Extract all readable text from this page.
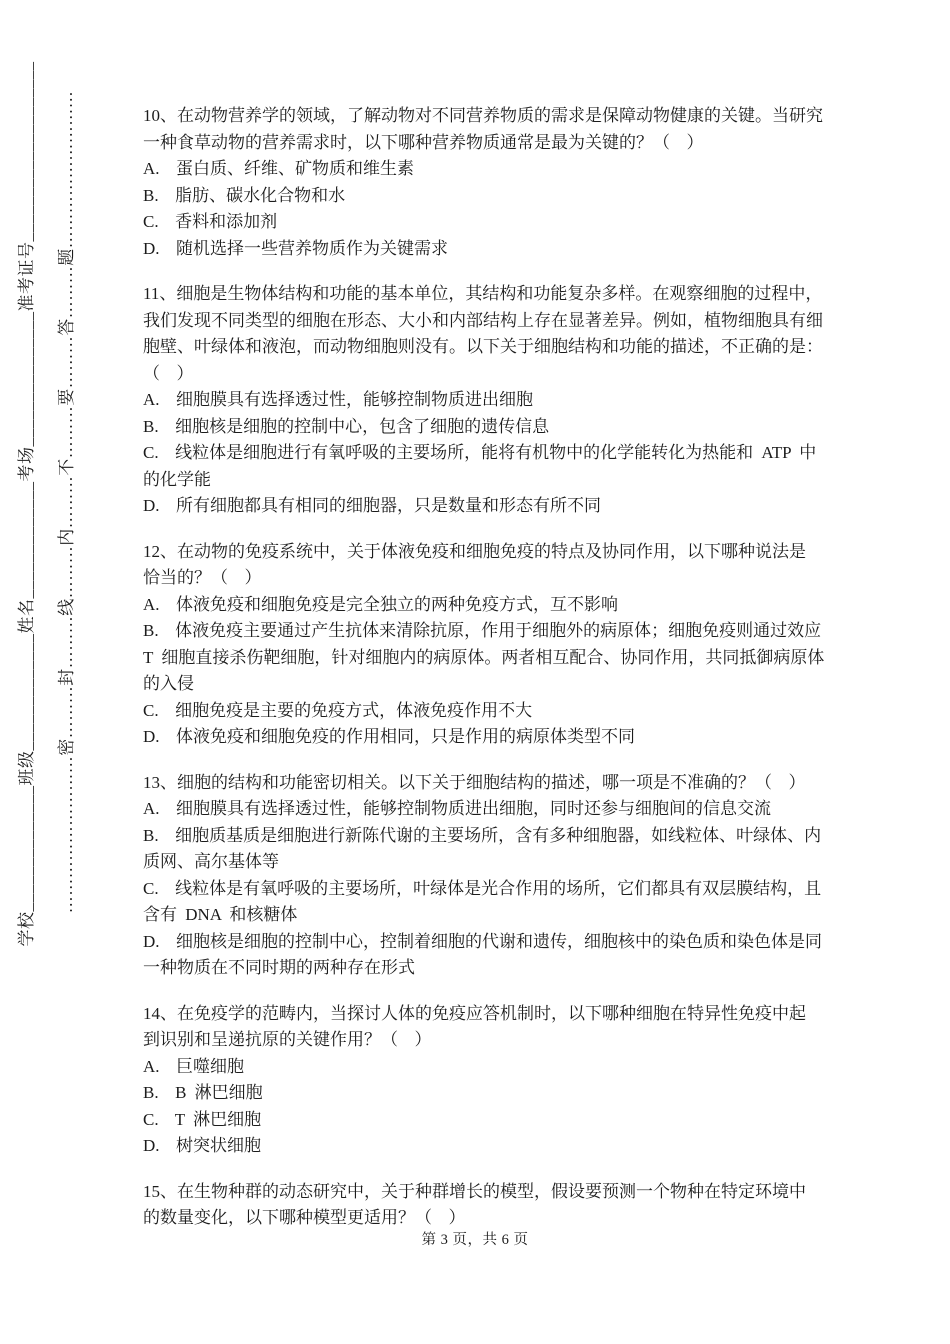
学校______________班级_____________姓名_____________考场_______________准考证号____________________ ………………………密………封………线………内………不………要………答………题………………………	10、在动物营养学的领域，了解动物对不同营养物质的需求是保障动物健康的关键。当研究
一种食草动物的营养需求时，以下哪种营养物质通常是最为关键的？（  ）
A.  蛋白质、纤维、矿物质和维生素
B.  脂肪、碳水化合物和水
C.  香料和添加剂
D.  随机选择一些营养物质作为关键需求
11、细胞是生物体结构和功能的基本单位，其结构和功能复杂多样。在观察细胞的过程中，
我们发现不同类型的细胞在形态、大小和内部结构上存在显著差异。例如，植物细胞具有细
胞壁、叶绿体和液泡，而动物细胞则没有。以下关于细胞结构和功能的描述，不正确的是：
（  ）
A.  细胞膜具有选择透过性，能够控制物质进出细胞
B.  细胞核是细胞的控制中心，包含了细胞的遗传信息
C.  线粒体是细胞进行有氧呼吸的主要场所，能将有机物中的化学能转化为热能和 ATP 中
的化学能
D.  所有细胞都具有相同的细胞器，只是数量和形态有所不同
12、在动物的免疫系统中，关于体液免疫和细胞免疫的特点及协同作用，以下哪种说法是
恰当的？（  ）
A.  体液免疫和细胞免疫是完全独立的两种免疫方式，互不影响
B.  体液免疫主要通过产生抗体来清除抗原，作用于细胞外的病原体；细胞免疫则通过效应
T 细胞直接杀伤靶细胞，针对细胞内的病原体。两者相互配合、协同作用，共同抵御病原体
的入侵
C.  细胞免疫是主要的免疫方式，体液免疫作用不大
D.  体液免疫和细胞免疫的作用相同，只是作用的病原体类型不同
13、细胞的结构和功能密切相关。以下关于细胞结构的描述，哪一项是不准确的？（  ）
A.  细胞膜具有选择透过性，能够控制物质进出细胞，同时还参与细胞间的信息交流
B.  细胞质基质是细胞进行新陈代谢的主要场所，含有多种细胞器，如线粒体、叶绿体、内
质网、高尔基体等
C.  线粒体是有氧呼吸的主要场所，叶绿体是光合作用的场所，它们都具有双层膜结构，且
含有 DNA 和核糖体
D.  细胞核是细胞的控制中心，控制着细胞的代谢和遗传，细胞核中的染色质和染色体是同
一种物质在不同时期的两种存在形式
14、在免疫学的范畴内，当探讨人体的免疫应答机制时，以下哪种细胞在特异性免疫中起
到识别和呈递抗原的关键作用？（  ）
A.  巨噬细胞
B.  B 淋巴细胞
C.  T 淋巴细胞
D.  树突状细胞
15、在生物种群的动态研究中，关于种群增长的模型，假设要预测一个物种在特定环境中
的数量变化，以下哪种模型更适用？（  ）
第 3 页，共 6 页
